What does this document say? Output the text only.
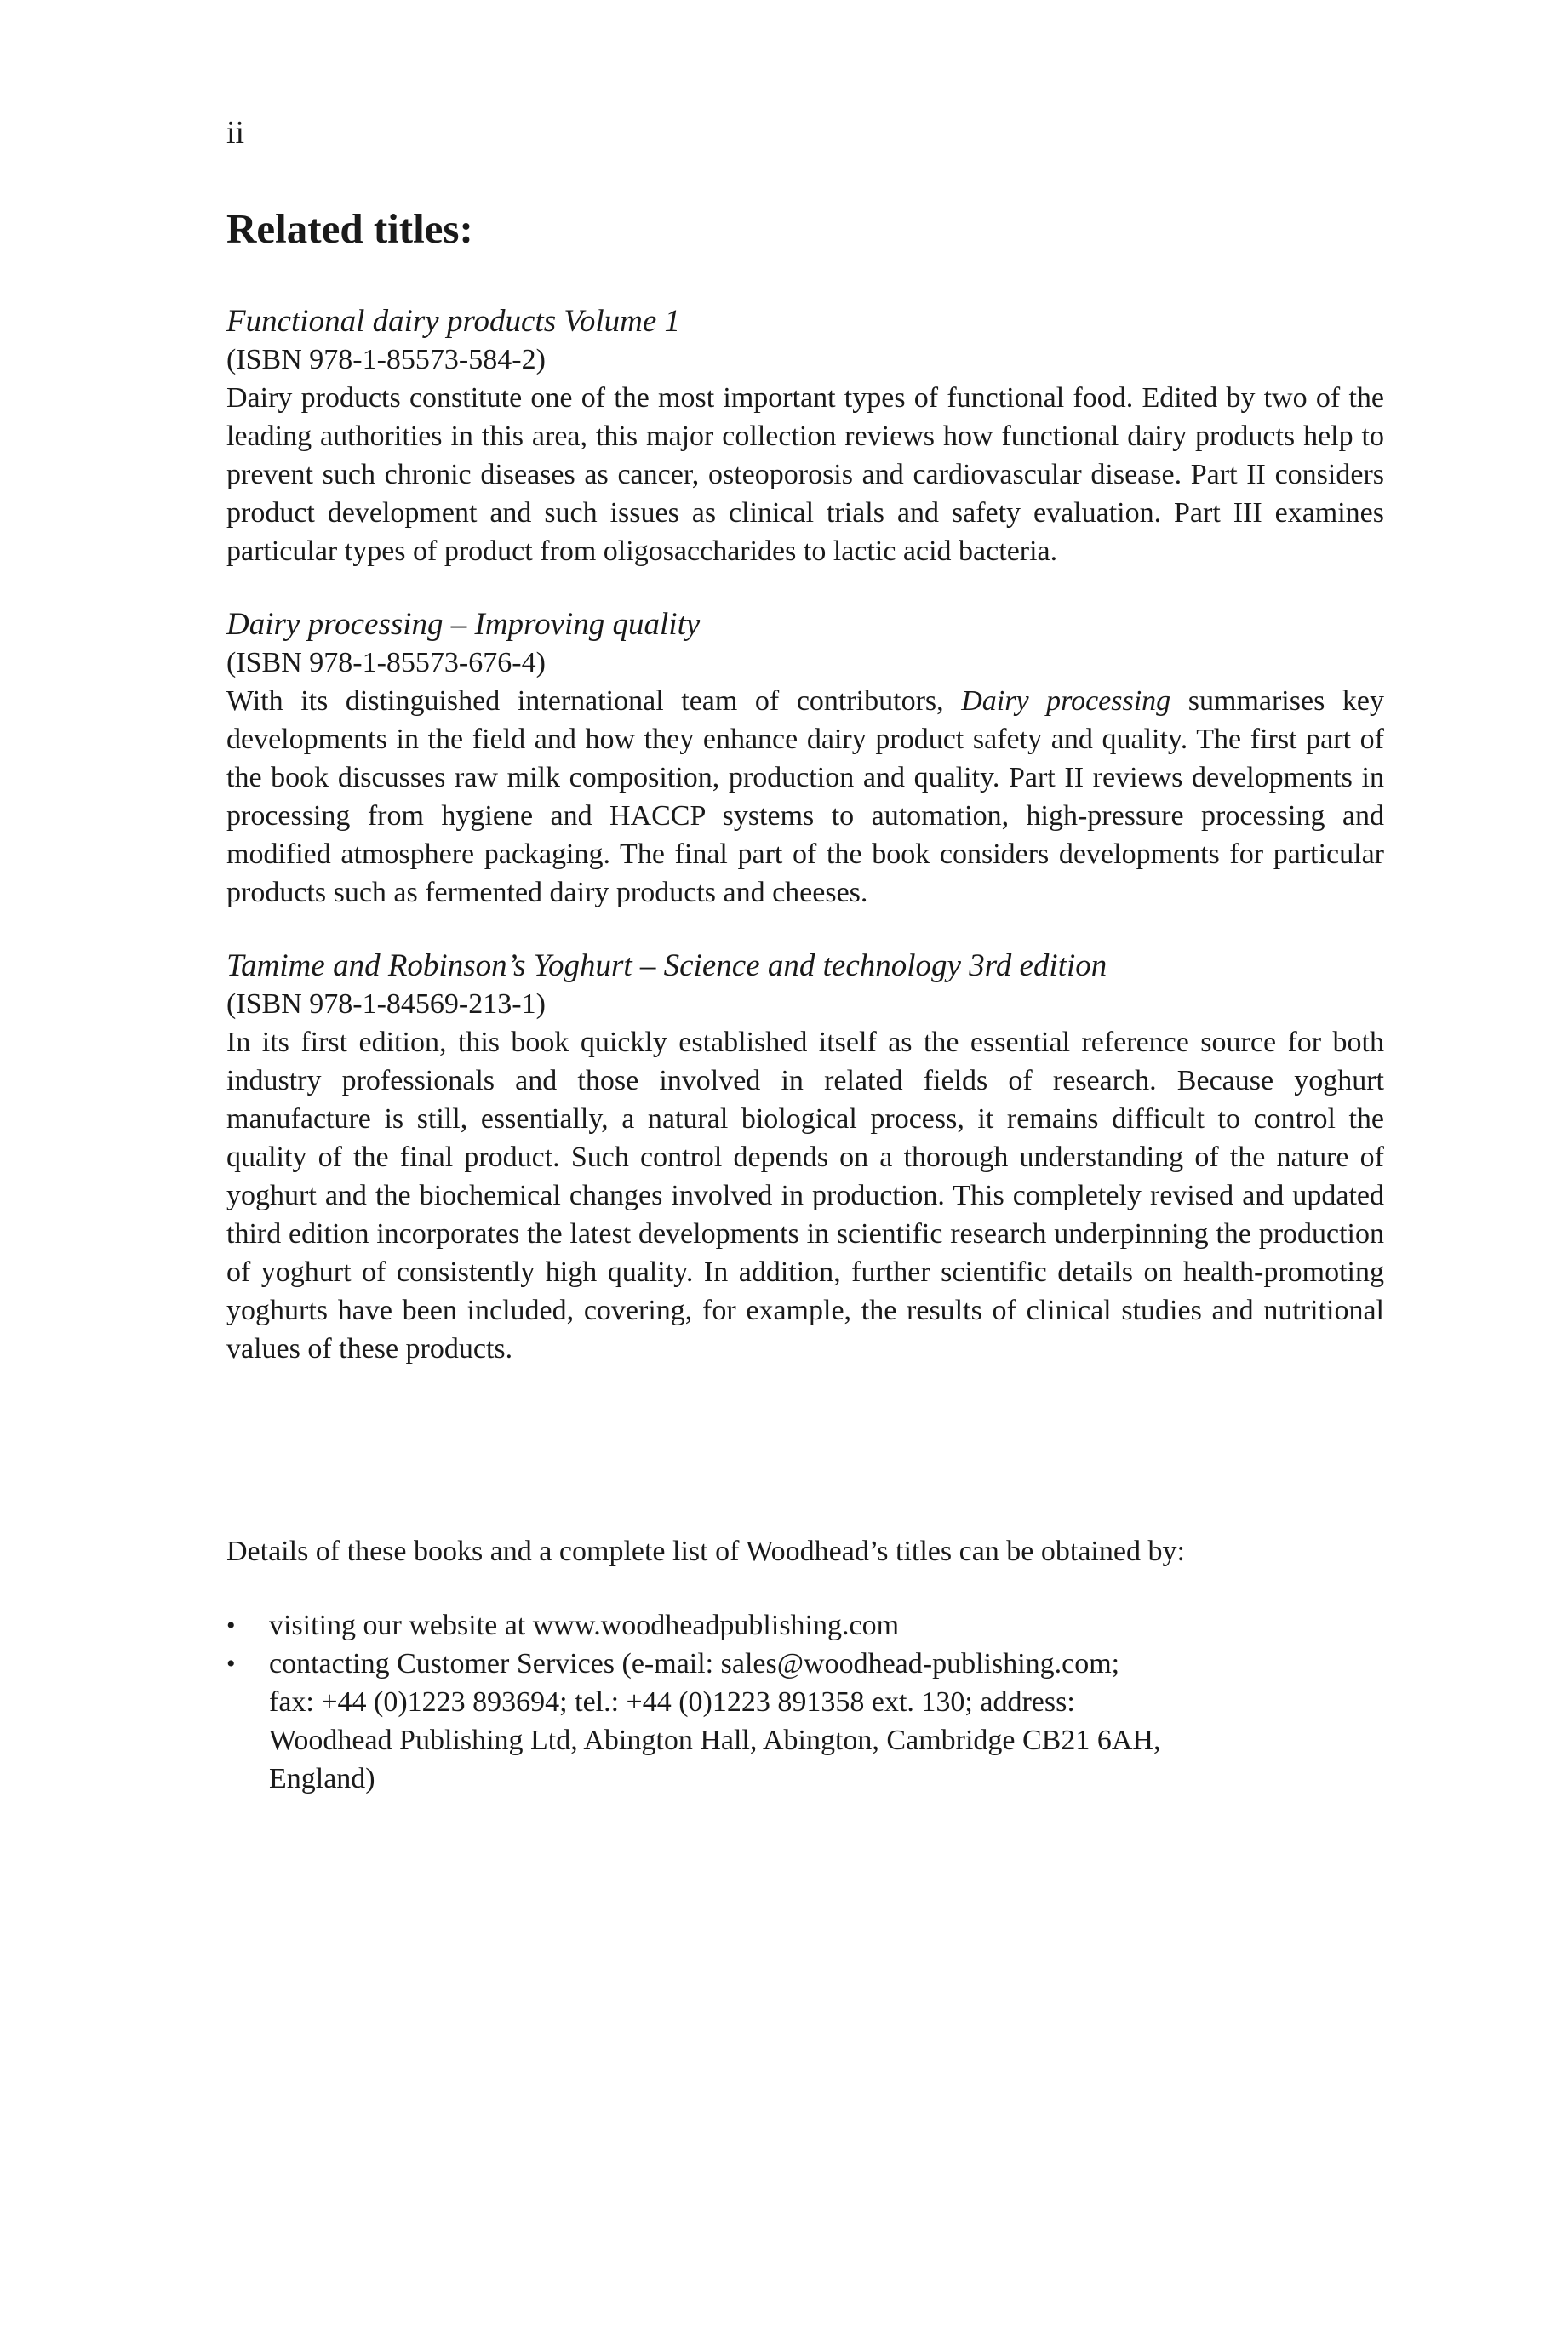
ii
Related titles:
Functional dairy products Volume 1
(ISBN 978-1-85573-584-2)

Dairy products constitute one of the most important types of functional food. Edited by two of the leading authorities in this area, this major collection reviews how functional dairy products help to prevent such chronic diseases as cancer, osteoporosis and cardiovascular disease. Part II considers product development and such issues as clinical trials and safety evaluation. Part III examines particular types of product from oligosaccharides to lactic acid bacteria.

Dairy processing – Improving quality
(ISBN 978-1-85573-676-4)

With its distinguished international team of contributors, Dairy processing summarises key developments in the field and how they enhance dairy product safety and quality. The first part of the book discusses raw milk composition, production and quality. Part II reviews developments in processing from hygiene and HACCP systems to automation, high-pressure processing and modified atmosphere packaging. The final part of the book considers developments for particular products such as fermented dairy products and cheeses.

Tamime and Robinson’s Yoghurt – Science and technology 3rd edition
(ISBN 978-1-84569-213-1)

In its first edition, this book quickly established itself as the essential reference source for both industry professionals and those involved in related fields of research. Because yoghurt manufacture is still, essentially, a natural biological process, it remains difficult to control the quality of the final product. Such control depends on a thorough understanding of the nature of yoghurt and the biochemical changes involved in production. This completely revised and updated third edition incorporates the latest developments in scientific research underpinning the production of yoghurt of consistently high quality. In addition, further scientific details on health-promoting yoghurts have been included, covering, for example, the results of clinical studies and nutritional values of these products.

Details of these books and a complete list of Woodhead’s titles can be obtained by:

• visiting our website at www.woodheadpublishing.com
• contacting Customer Services (e-mail: sales@woodhead-publishing.com;
fax: +44 (0)1223 893694; tel.: +44 (0)1223 891358 ext. 130; address:
Woodhead Publishing Ltd, Abington Hall, Abington, Cambridge CB21 6AH,
England)
